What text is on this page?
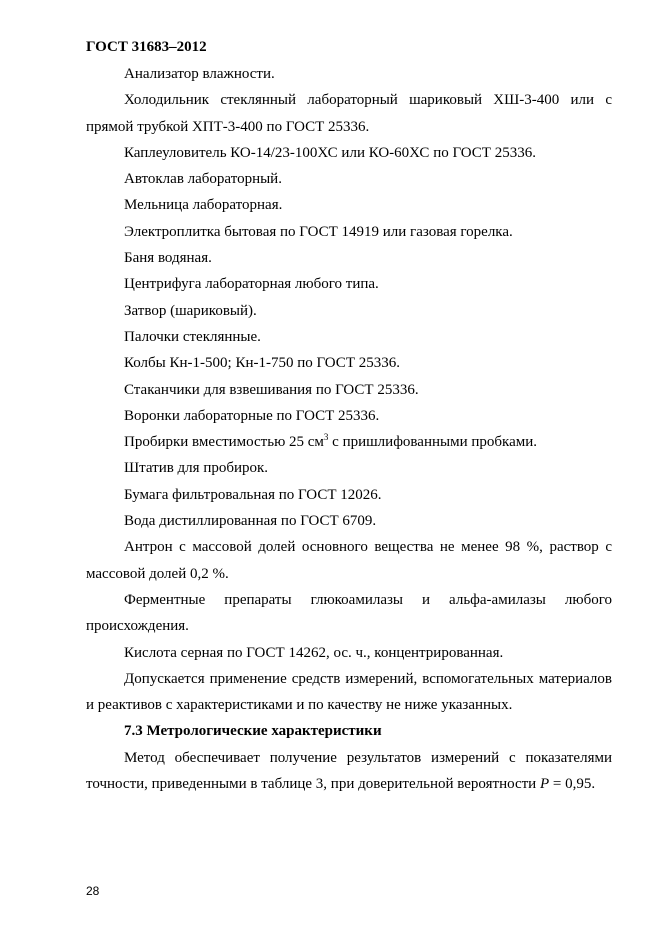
ГОСТ 31683–2012

Анализатор влажности.

Холодильник стеклянный лабораторный шариковый ХШ-3-400 или с прямой трубкой ХПТ-3-400 по ГОСТ 25336.

Каплеуловитель КО-14/23-100ХС или КО-60ХС по ГОСТ 25336.

Автоклав лабораторный.

Мельница лабораторная.

Электроплитка бытовая по ГОСТ 14919 или газовая горелка.

Баня водяная.

Центрифуга лабораторная любого типа.

Затвор (шариковый).

Палочки стеклянные.

Колбы Кн-1-500; Кн-1-750 по ГОСТ 25336.

Стаканчики для взвешивания по ГОСТ 25336.

Воронки лабораторные по ГОСТ 25336.

Пробирки вместимостью 25 $см^3$ с пришлифованными пробками.

Штатив для пробирок.

Бумага фильтровальная по ГОСТ 12026.

Вода дистиллированная по ГОСТ 6709.

Антрон с массовой долей основного вещества не менее 98 %, раствор с массовой долей 0,2 %.

Ферментные препараты глюкоамилазы и альфа-амилазы любого происхождения.

Кислота серная по ГОСТ 14262, ос. ч., концентрированная.

Допускается применение средств измерений, вспомогательных материалов и реактивов с характеристиками и по качеству не ниже указанных.

7.3 Метрологические характеристики

Метод обеспечивает получение результатов измерений с показателями точности, приведенными в таблице 3, при доверительной вероятности P = 0,95.

28
